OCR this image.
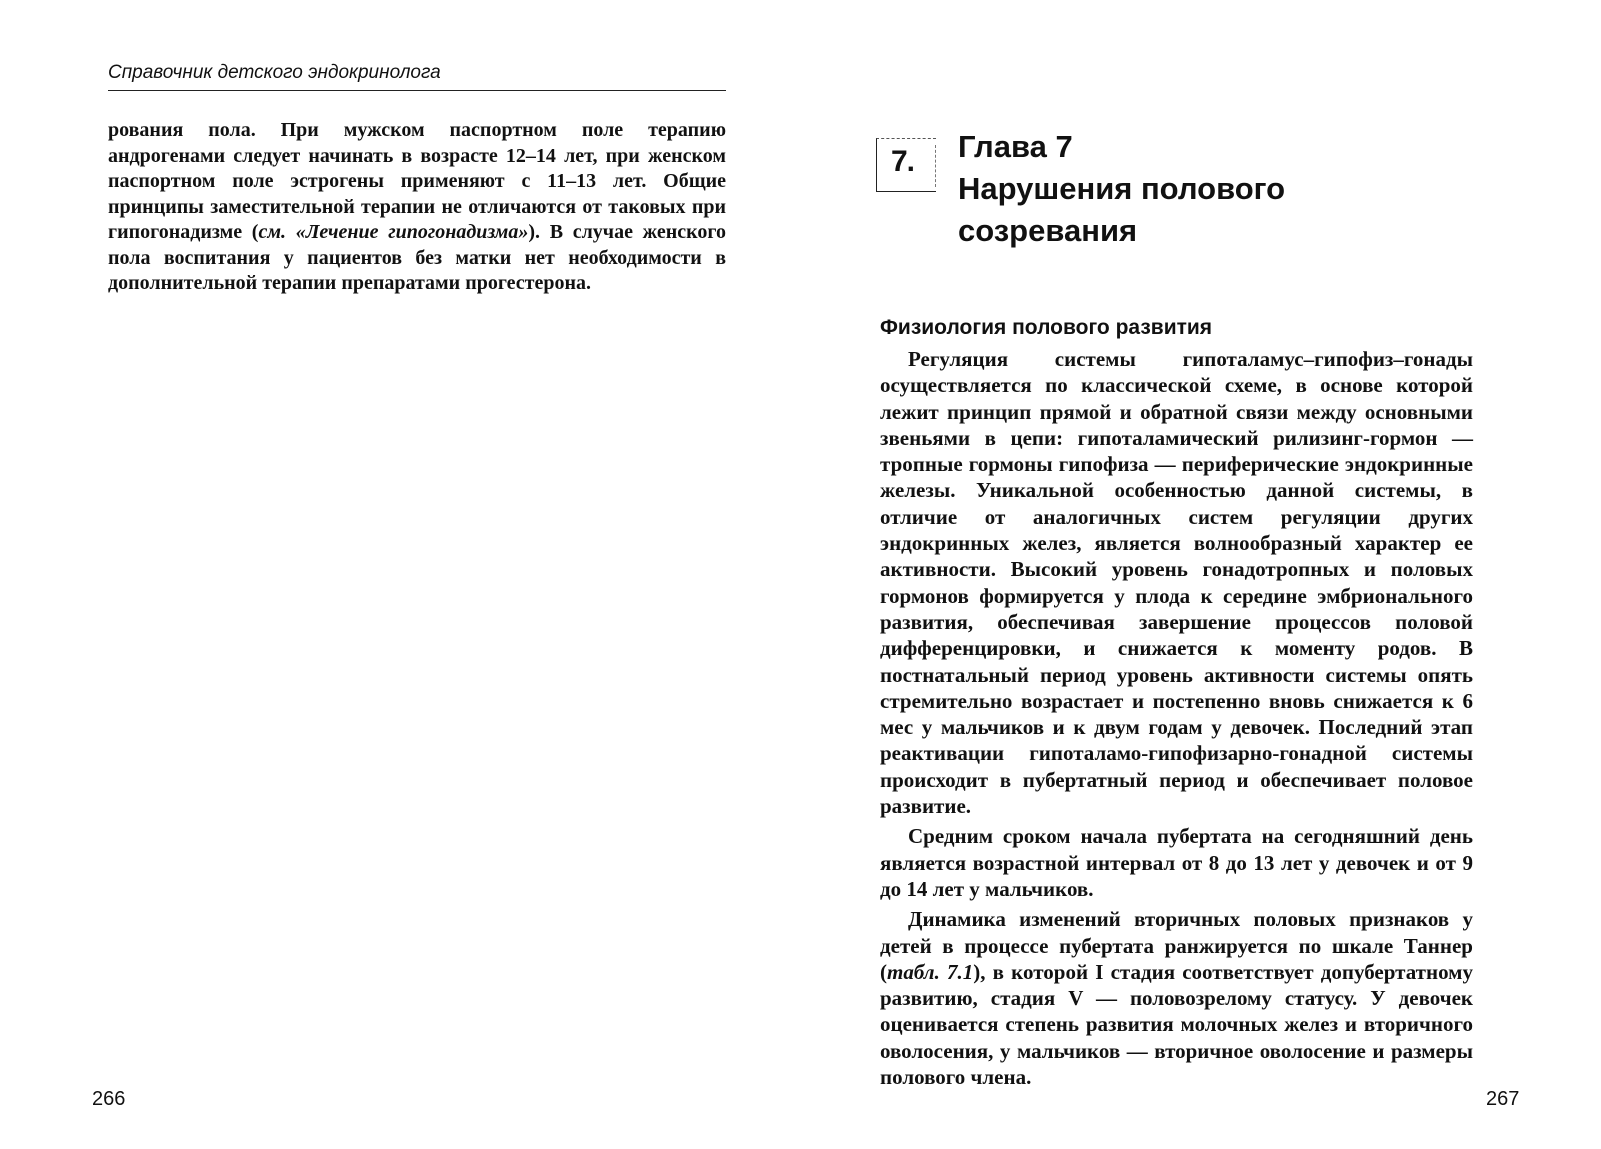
Справочник детского эндокринолога

рования пола. При мужском паспортном поле терапию андрогенами следует начинать в возрасте 12–14 лет, при женском паспортном поле эстрогены применяют с 11–13 лет. Общие принципы заместительной терапии не отличаются от таковых при гипогонадизме (см. «Лечение гипогонадизма»). В случае женского пола воспитания у пациентов без матки нет необходимости в дополнительной терапии препаратами прогестерона.

266
7. Глава 7
Нарушения полового
созревания
Физиология полового развития

Регуляция системы гипоталамус–гипофиз–гонады осуществляется по классической схеме, в основе которой лежит принцип прямой и обратной связи между основными звеньями в цепи: гипоталамический рилизинг-гормон — тропные гормоны гипофиза — периферические эндокринные железы. Уникальной особенностью данной системы, в отличие от аналогичных систем регуляции других эндокринных желез, является волнообразный характер ее активности. Высокий уровень гонадотропных и половых гормонов формируется у плода к середине эмбрионального развития, обеспечивая завершение процессов половой дифференцировки, и снижается к моменту родов. В постнатальный период уровень активности системы опять стремительно возрастает и постепенно вновь снижается к 6 мес у мальчиков и к двум годам у девочек. Последний этап реактивации гипоталамо-гипофизарно-гонадной системы происходит в пубертатный период и обеспечивает половое развитие.

Средним сроком начала пубертата на сегодняшний день является возрастной интервал от 8 до 13 лет у девочек и от 9 до 14 лет у мальчиков.

Динамика изменений вторичных половых признаков у детей в процессе пубертата ранжируется по шкале Таннер (табл. 7.1), в которой I стадия соответствует допубертатному развитию, стадия V — половозрелому статусу. У девочек оценивается степень развития молочных желез и вторичного оволосения, у мальчиков — вторичное оволосение и размеры полового члена.

267
